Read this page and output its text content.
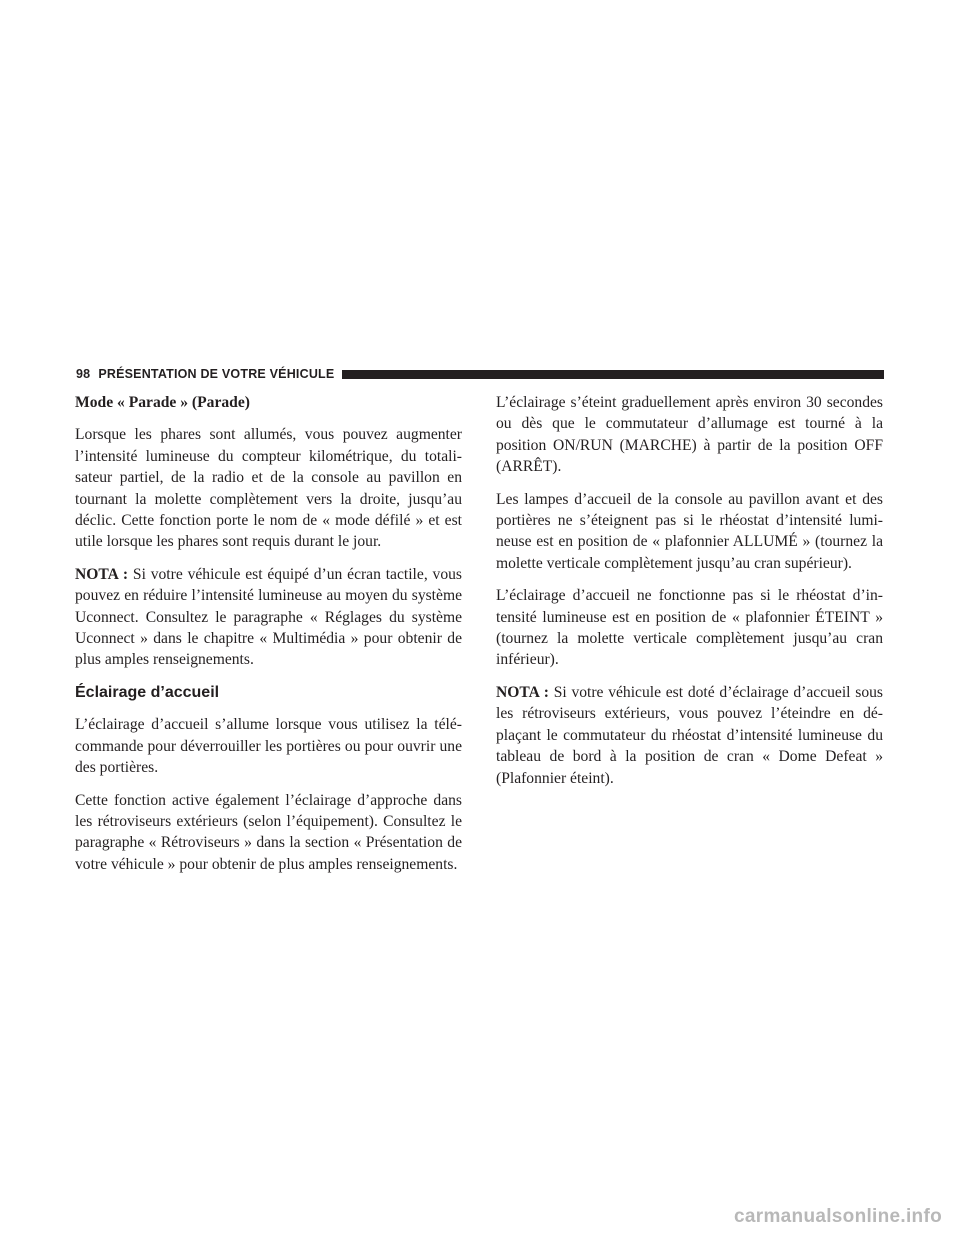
98 PRÉSENTATION DE VOTRE VÉHICULE

Mode « Parade » (Parade)

Lorsque les phares sont allumés, vous pouvez augmenter l’intensité lumineuse du compteur kilométrique, du totalisateur partiel, de la radio et de la console au pavillon en tournant la molette complètement vers la droite, jusqu’au déclic. Cette fonction porte le nom de « mode défilé » et est utile lorsque les phares sont requis durant le jour.

NOTA : Si votre véhicule est équipé d’un écran tactile, vous pouvez en réduire l’intensité lumineuse au moyen du système Uconnect. Consultez le paragraphe « Réglages du système Uconnect » dans le chapitre « Multimédia » pour obtenir de plus amples renseignements.

Éclairage d’accueil

L’éclairage d’accueil s’allume lorsque vous utilisez la télécommande pour déverrouiller les portières ou pour ouvrir une des portières.

Cette fonction active également l’éclairage d’approche dans les rétroviseurs extérieurs (selon l’équipement). Consultez le paragraphe « Rétroviseurs » dans la section « Présentation de votre véhicule » pour obtenir de plus amples renseignements.

L’éclairage s’éteint graduellement après environ 30 secondes ou dès que le commutateur d’allumage est tourné à la position ON/RUN (MARCHE) à partir de la position OFF (ARRÊT).

Les lampes d’accueil de la console au pavillon avant et des portières ne s’éteignent pas si le rhéostat d’intensité lumineuse est en position de « plafonnier ALLUMÉ » (tournez la molette verticale complètement jusqu’au cran supérieur).

L’éclairage d’accueil ne fonctionne pas si le rhéostat d’intensité lumineuse est en position de « plafonnier ÉTEINT » (tournez la molette verticale complètement jusqu’au cran inférieur).

NOTA : Si votre véhicule est doté d’éclairage d’accueil sous les rétroviseurs extérieurs, vous pouvez l’éteindre en déplaçant le commutateur du rhéostat d’intensité lumineuse du tableau de bord à la position de cran « Dome Defeat » (Plafonnier éteint).

carmanualsonline.info
